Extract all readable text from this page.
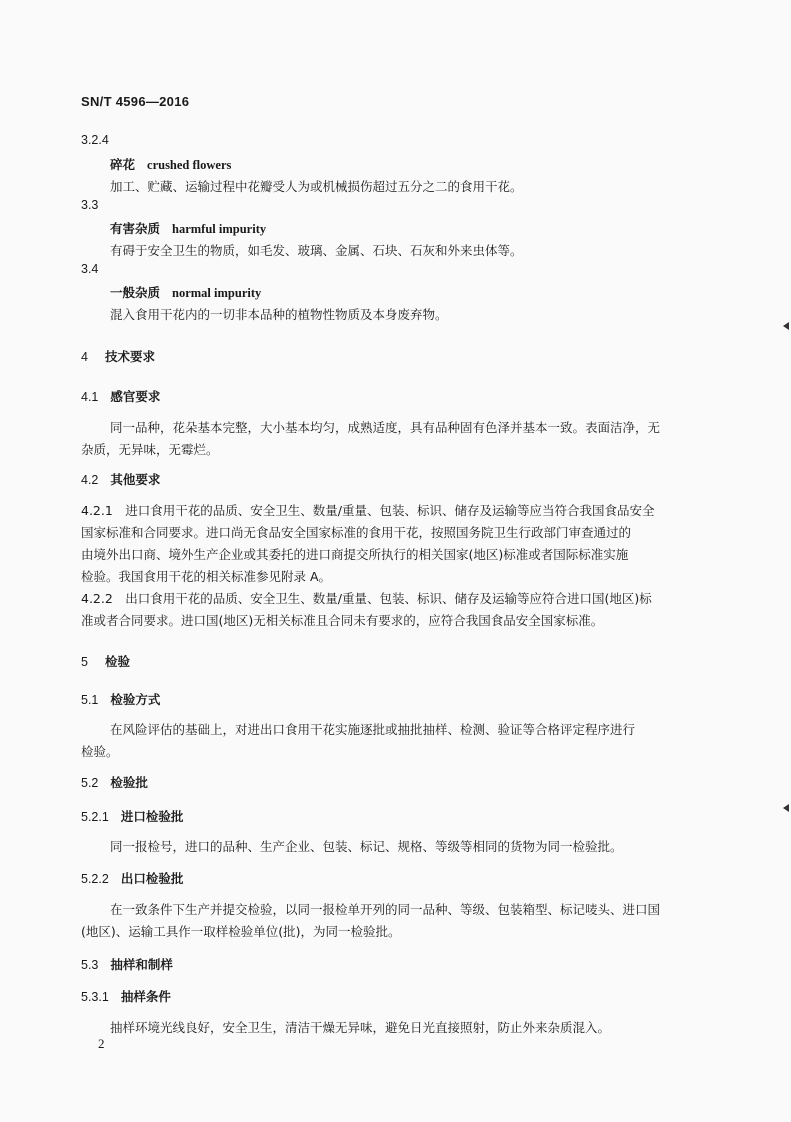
SN/T 4596—2016
3.2.4
碎花 crushed flowers
加工、贮藏、运输过程中花瓣受人为或机械损伤超过五分之二的食用干花。
3.3
有害杂质 harmful impurity
有碍于安全卫生的物质，如毛发、玻璃、金属、石块、石灰和外来虫体等。
3.4
一般杂质 normal impurity
混入食用干花内的一切非本品种的植物性物质及本身废弃物。
4 技术要求
4.1 感官要求
同一品种，花朵基本完整，大小基本均匀，成熟适度，具有品种固有色泽并基本一致。表面洁净，无
杂质，无异味，无霉烂。
4.2 其他要求
4.2.1　进口食用干花的品质、安全卫生、数量/重量、包装、标识、储存及运输等应当符合我国食品安全
国家标准和合同要求。进口尚无食品安全国家标准的食用干花，按照国务院卫生行政部门审查通过的
由境外出口商、境外生产企业或其委托的进口商提交所执行的相关国家(地区)标准或者国际标准实施
检验。我国食用干花的相关标准参见附录 A。
4.2.2　出口食用干花的品质、安全卫生、数量/重量、包装、标识、储存及运输等应符合进口国(地区)标
准或者合同要求。进口国(地区)无相关标准且合同未有要求的，应符合我国食品安全国家标准。
5 检验
5.1 检验方式
在风险评估的基础上，对进出口食用干花实施逐批或抽批抽样、检测、验证等合格评定程序进行
检验。
5.2 检验批
5.2.1 进口检验批
同一报检号，进口的品种、生产企业、包装、标记、规格、等级等相同的货物为同一检验批。
5.2.2 出口检验批
在一致条件下生产并提交检验，以同一报检单开列的同一品种、等级、包装箱型、标记唛头、进口国
(地区)、运输工具作一取样检验单位(批)，为同一检验批。
5.3 抽样和制样
5.3.1 抽样条件
抽样环境光线良好，安全卫生，清洁干燥无异味，避免日光直接照射，防止外来杂质混入。
2
